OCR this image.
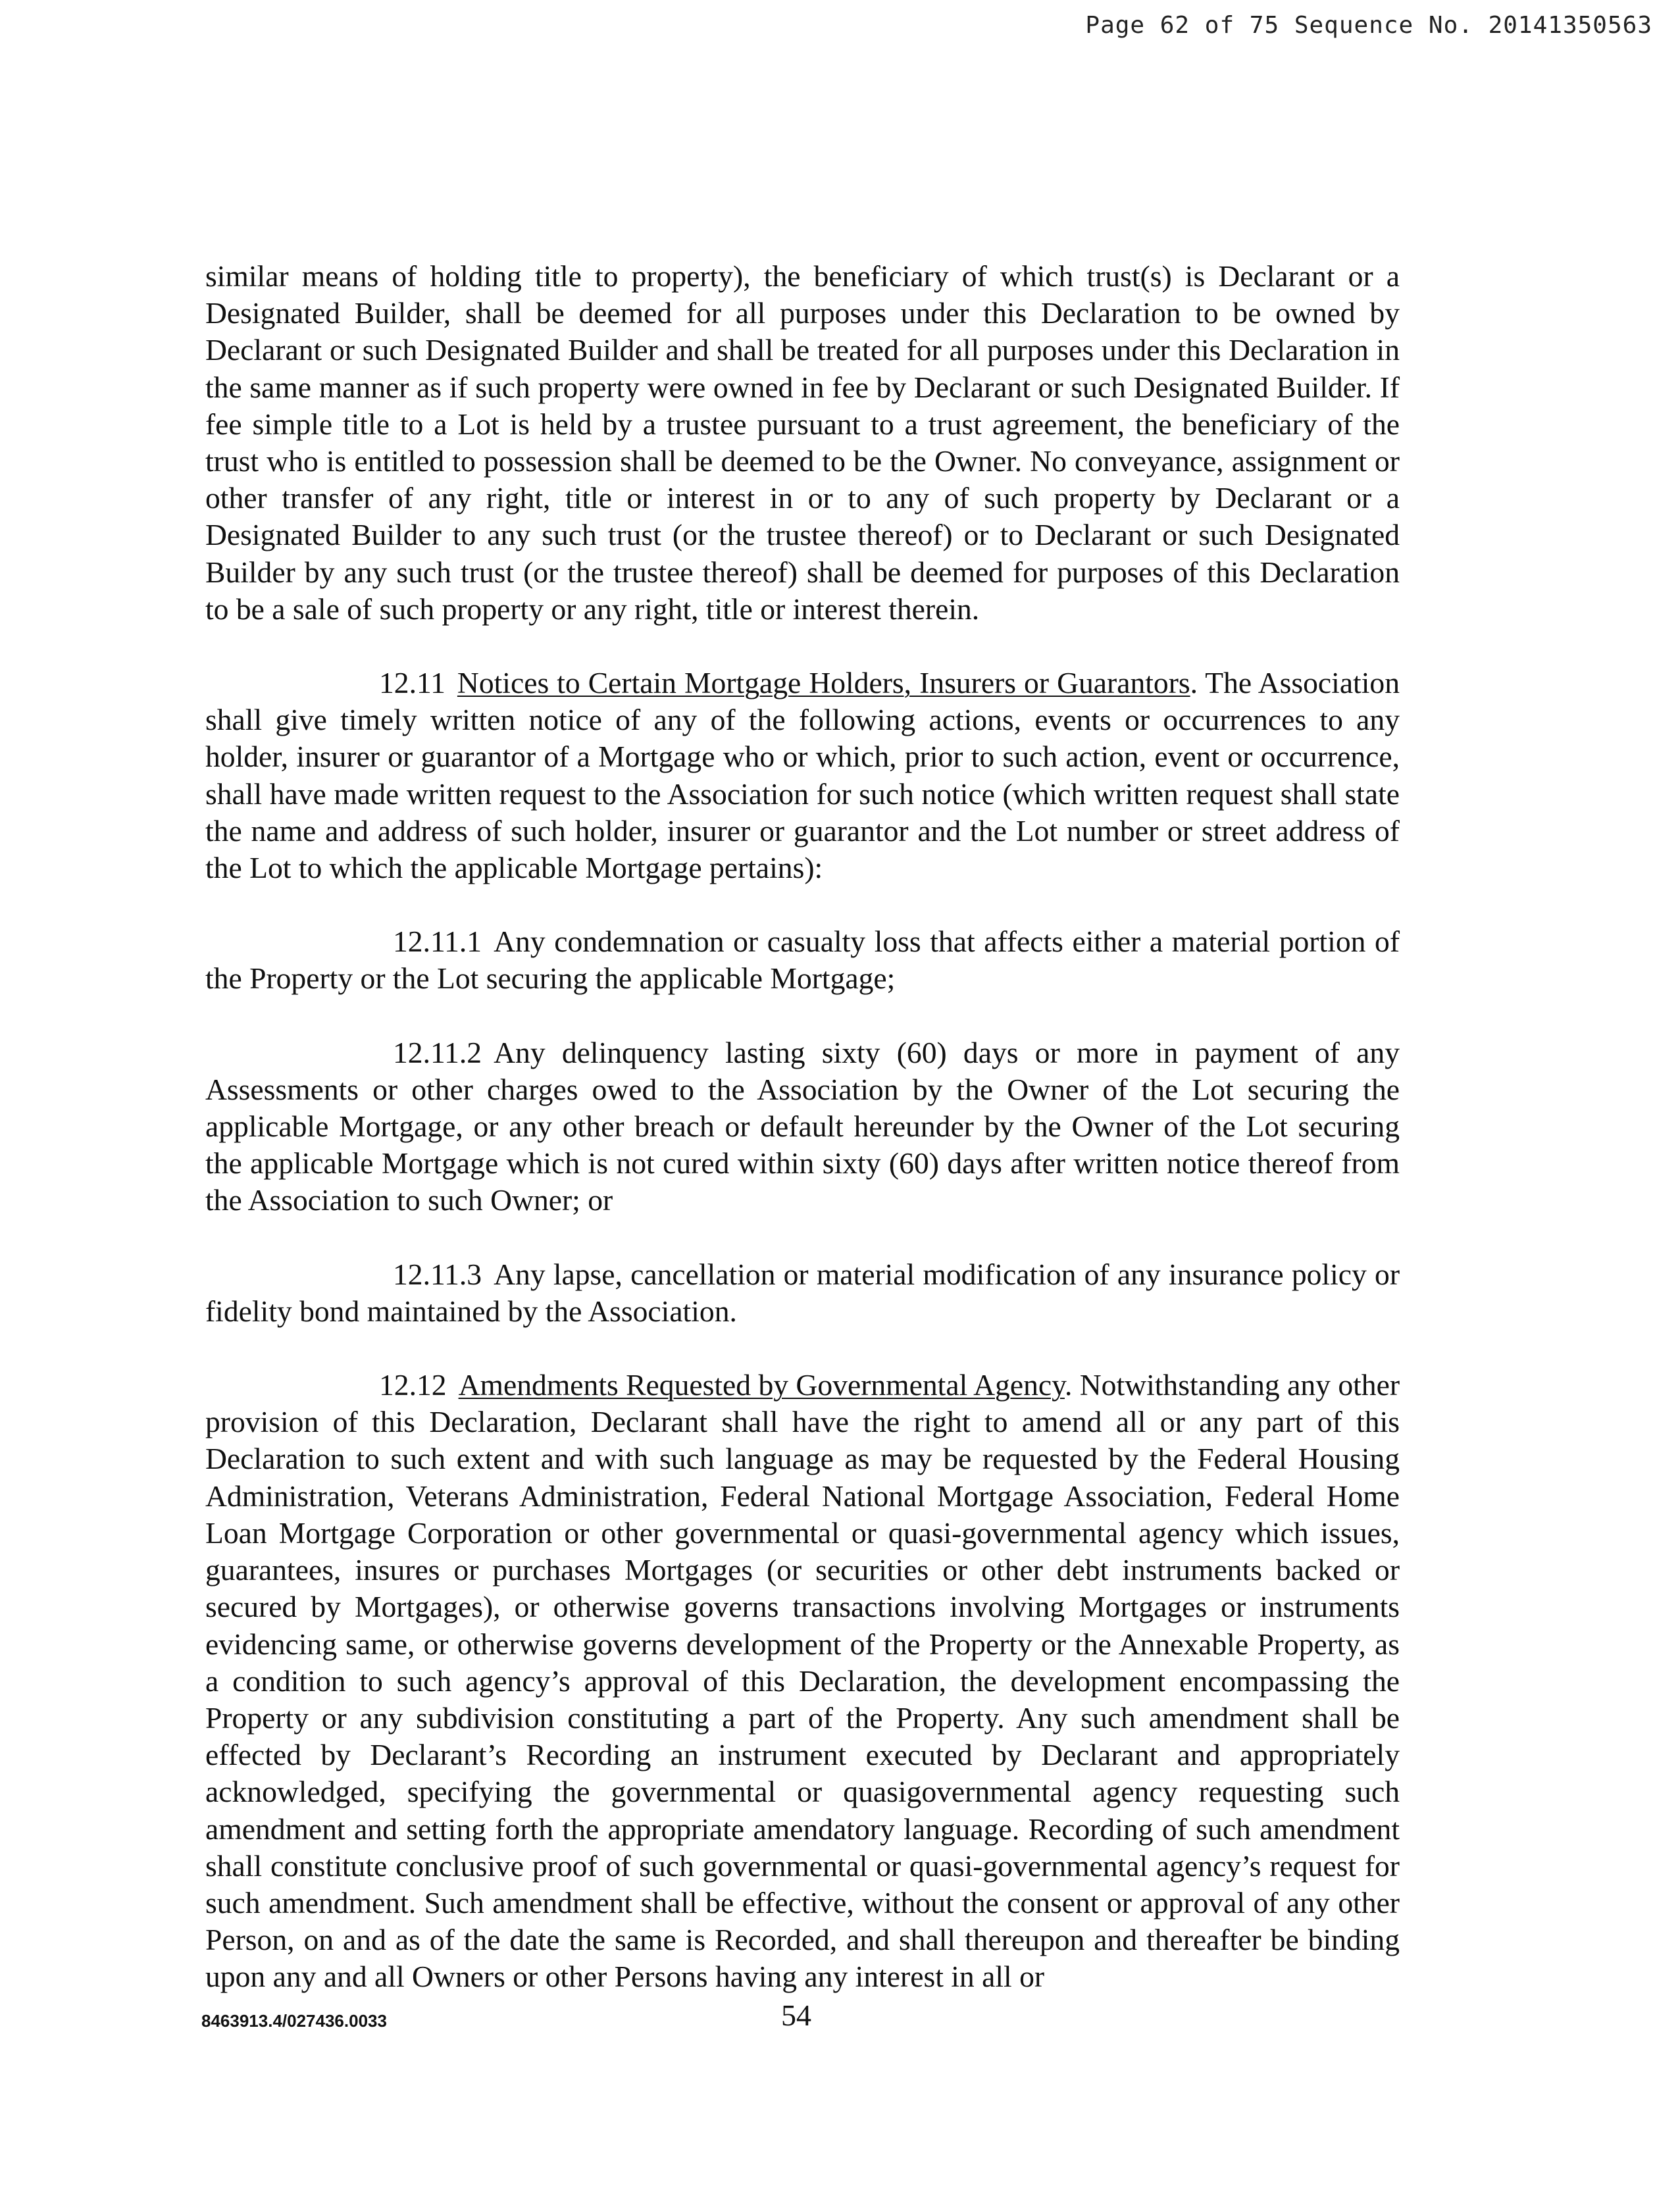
Page 62 of 75 Sequence No. 20141350563

similar means of holding title to property), the beneficiary of which trust(s) is Declarant or a Designated Builder, shall be deemed for all purposes under this Declaration to be owned by Declarant or such Designated Builder and shall be treated for all purposes under this Declaration in the same manner as if such property were owned in fee by Declarant or such Designated Builder. If fee simple title to a Lot is held by a trustee pursuant to a trust agreement, the beneficiary of the trust who is entitled to possession shall be deemed to be the Owner. No conveyance, assignment or other transfer of any right, title or interest in or to any of such property by Declarant or a Designated Builder to any such trust (or the trustee thereof) or to Declarant or such Designated Builder by any such trust (or the trustee thereof) shall be deemed for purposes of this Declaration to be a sale of such property or any right, title or interest therein.

12.11 Notices to Certain Mortgage Holders, Insurers or Guarantors. The Association shall give timely written notice of any of the following actions, events or occurrences to any holder, insurer or guarantor of a Mortgage who or which, prior to such action, event or occurrence, shall have made written request to the Association for such notice (which written request shall state the name and address of such holder, insurer or guarantor and the Lot number or street address of the Lot to which the applicable Mortgage pertains):

12.11.1 Any condemnation or casualty loss that affects either a material portion of the Property or the Lot securing the applicable Mortgage;

12.11.2 Any delinquency lasting sixty (60) days or more in payment of any Assessments or other charges owed to the Association by the Owner of the Lot securing the applicable Mortgage, or any other breach or default hereunder by the Owner of the Lot securing the applicable Mortgage which is not cured within sixty (60) days after written notice thereof from the Association to such Owner; or

12.11.3 Any lapse, cancellation or material modification of any insurance policy or fidelity bond maintained by the Association.

12.12 Amendments Requested by Governmental Agency. Notwithstanding any other provision of this Declaration, Declarant shall have the right to amend all or any part of this Declaration to such extent and with such language as may be requested by the Federal Housing Administration, Veterans Administration, Federal National Mortgage Association, Federal Home Loan Mortgage Corporation or other governmental or quasi-governmental agency which issues, guarantees, insures or purchases Mortgages (or securities or other debt instruments backed or secured by Mortgages), or otherwise governs transactions involving Mortgages or instruments evidencing same, or otherwise governs development of the Property or the Annexable Property, as a condition to such agency’s approval of this Declaration, the development encompassing the Property or any subdivision constituting a part of the Property. Any such amendment shall be effected by Declarant’s Recording an instrument executed by Declarant and appropriately acknowledged, specifying the governmental or quasigovernmental agency requesting such amendment and setting forth the appropriate amendatory language. Recording of such amendment shall constitute conclusive proof of such governmental or quasi-governmental agency’s request for such amendment. Such amendment shall be effective, without the consent or approval of any other Person, on and as of the date the same is Recorded, and shall thereupon and thereafter be binding upon any and all Owners or other Persons having any interest in all or

8463913.4/027436.0033	54
